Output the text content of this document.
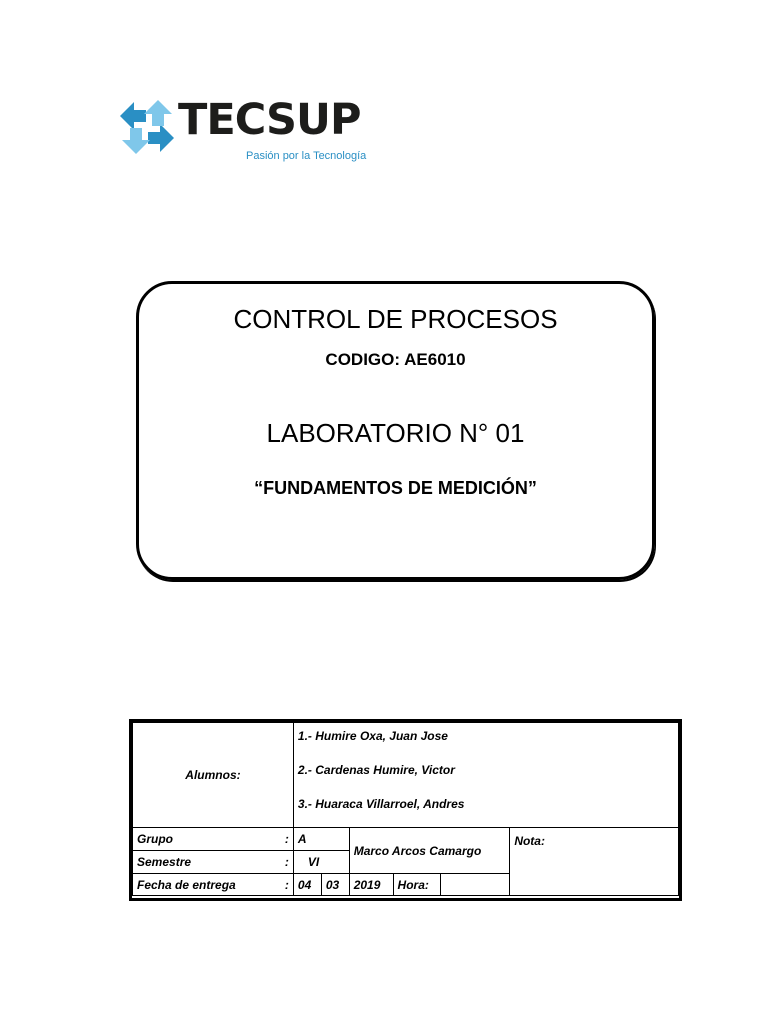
TECSUP
Pasión por la Tecnología
CONTROL DE PROCESOS
CODIGO: AE6010
LABORATORIO N° 01
“FUNDAMENTOS DE MEDICIÓN”
Alumnos:		1.- Humire Oxa, Juan Jose
2.- Cardenas Humire, Victor
3.- Huaraca Villarroel, Andres					

Grupo	:	A		Marco Arcos Camargo			Nota:
Semestre	:	VI					
Fecha de entrega	:	04	03	2019	Hora:		
